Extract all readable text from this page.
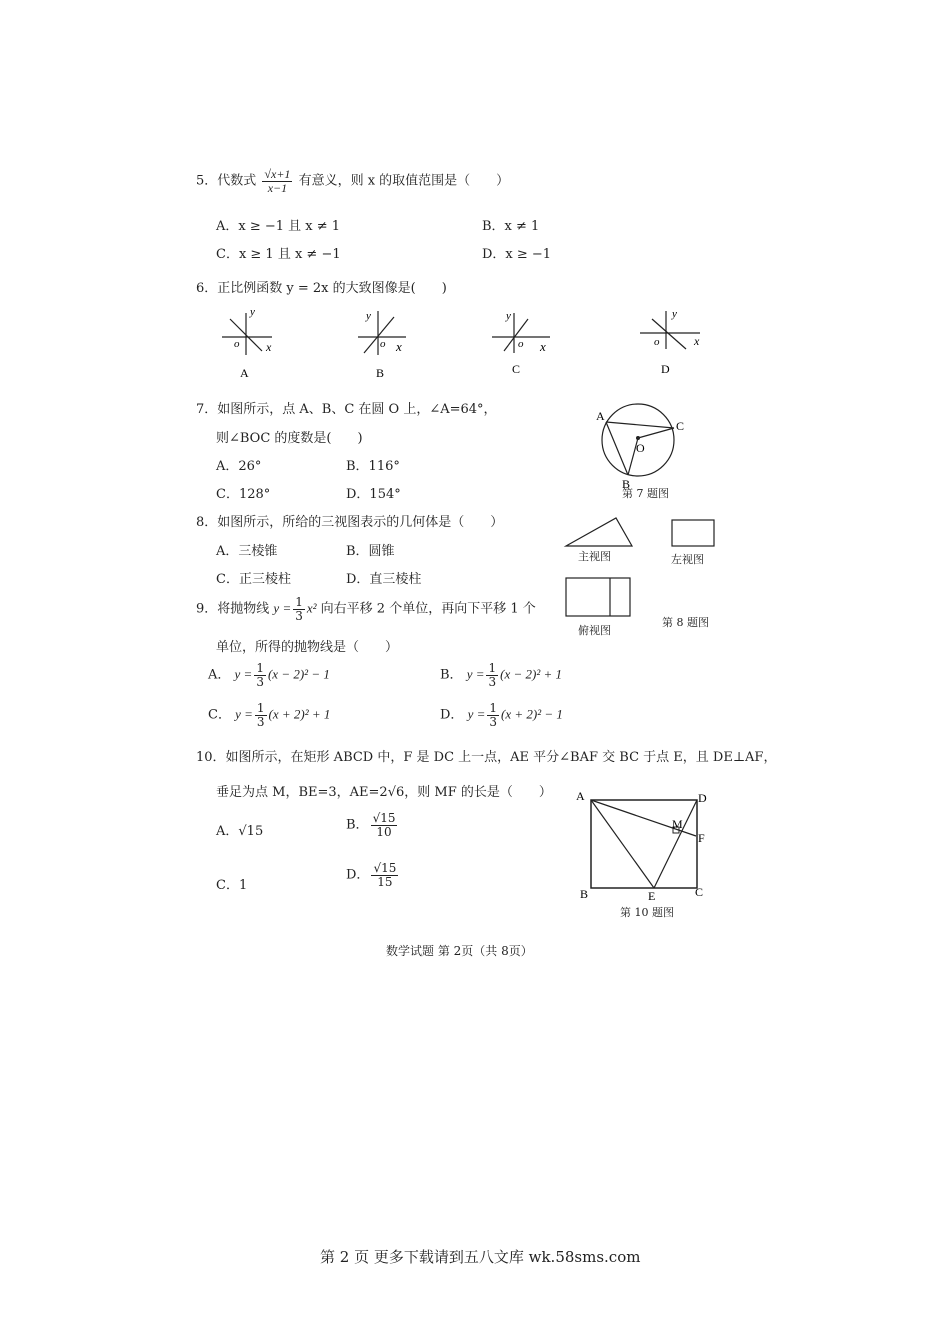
5．代数式 $\frac{√x+1}{x-1}$ 有意义，则 x 的取值范围是（　　）
A．x ≥ −1 且 x ≠ 1	B．x ≠ 1
C．x ≥ 1 且 x ≠ −1	D．x ≥ −1
6．正比例函数 y = 2x 的大致图像是(　　)
y
x
o
A
y
x
o
B
y
x
o
C
y
x
o
D
7．如图所示，点 A、B、C 在圆 O 上，∠A=64°，
则∠BOC 的度数是(　　)
A．26°	B．116°
C．128°	D．154°
A
C
O
B
第 7 题图
8．如图所示，所给的三视图表示的几何体是（　　）
A．三棱锥	B．圆锥
C．正三棱柱	D．直三棱柱
主视图	左视图
俯视图
第 8 题图
9．将抛物线 $y = \frac{1}{3} x^2$ 向右平移 2 个单位，再向下平移 1 个
单位，所得的抛物线是（　　）
A． $y = \frac{1}{3} (x - 2)^2 - 1$	B． $y = \frac{1}{3} (x - 2)^2 + 1$
C． $y = \frac{1}{3} (x + 2)^2 + 1$	D． $y = \frac{1}{3} (x + 2)^2 - 1$
10．如图所示，在矩形 ABCD 中，F 是 DC 上一点，AE 平分∠BAF 交 BC 于点 E，且 DE⊥AF，
垂足为点 M，BE=3，AE=2√6，则 MF 的长是（　　）
A．√15	B． $\frac{√15}{10}$
C．1
D． $\frac{√15}{15}$
A	D
M
F
B	E	C
第 10 题图
数学试题 第 2页（共 8页）
第 2 页 更多下载请到五八文库 wk.58sms.com
